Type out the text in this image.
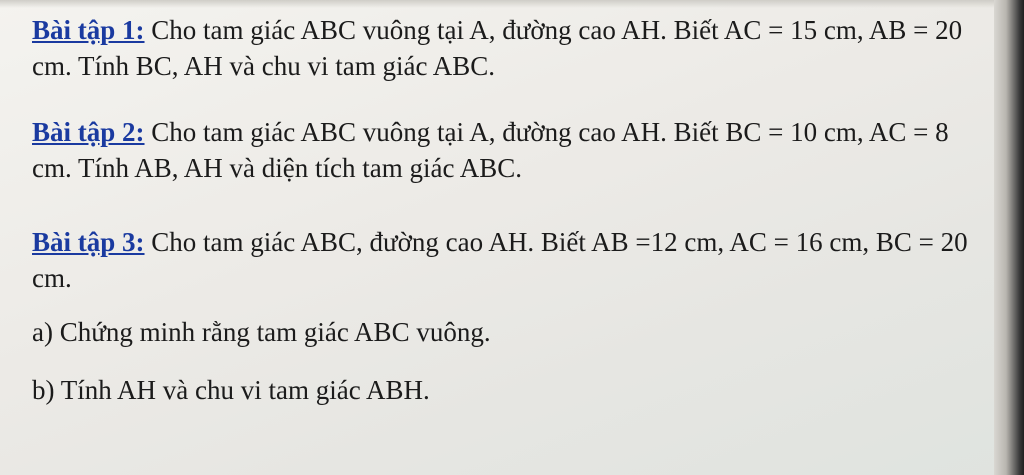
Bài tập 1: Cho tam giác ABC vuông tại A, đường cao AH. Biết AC = 15 cm, AB = 20 cm. Tính BC, AH và chu vi tam giác ABC.
Bài tập 2: Cho tam giác ABC vuông tại A, đường cao AH. Biết BC = 10 cm, AC = 8 cm. Tính AB, AH và diện tích tam giác ABC.
Bài tập 3: Cho tam giác ABC, đường cao AH. Biết AB =12 cm, AC = 16 cm, BC = 20 cm.
a) Chứng minh rằng tam giác ABC vuông.
b) Tính AH và chu vi tam giác ABH.
